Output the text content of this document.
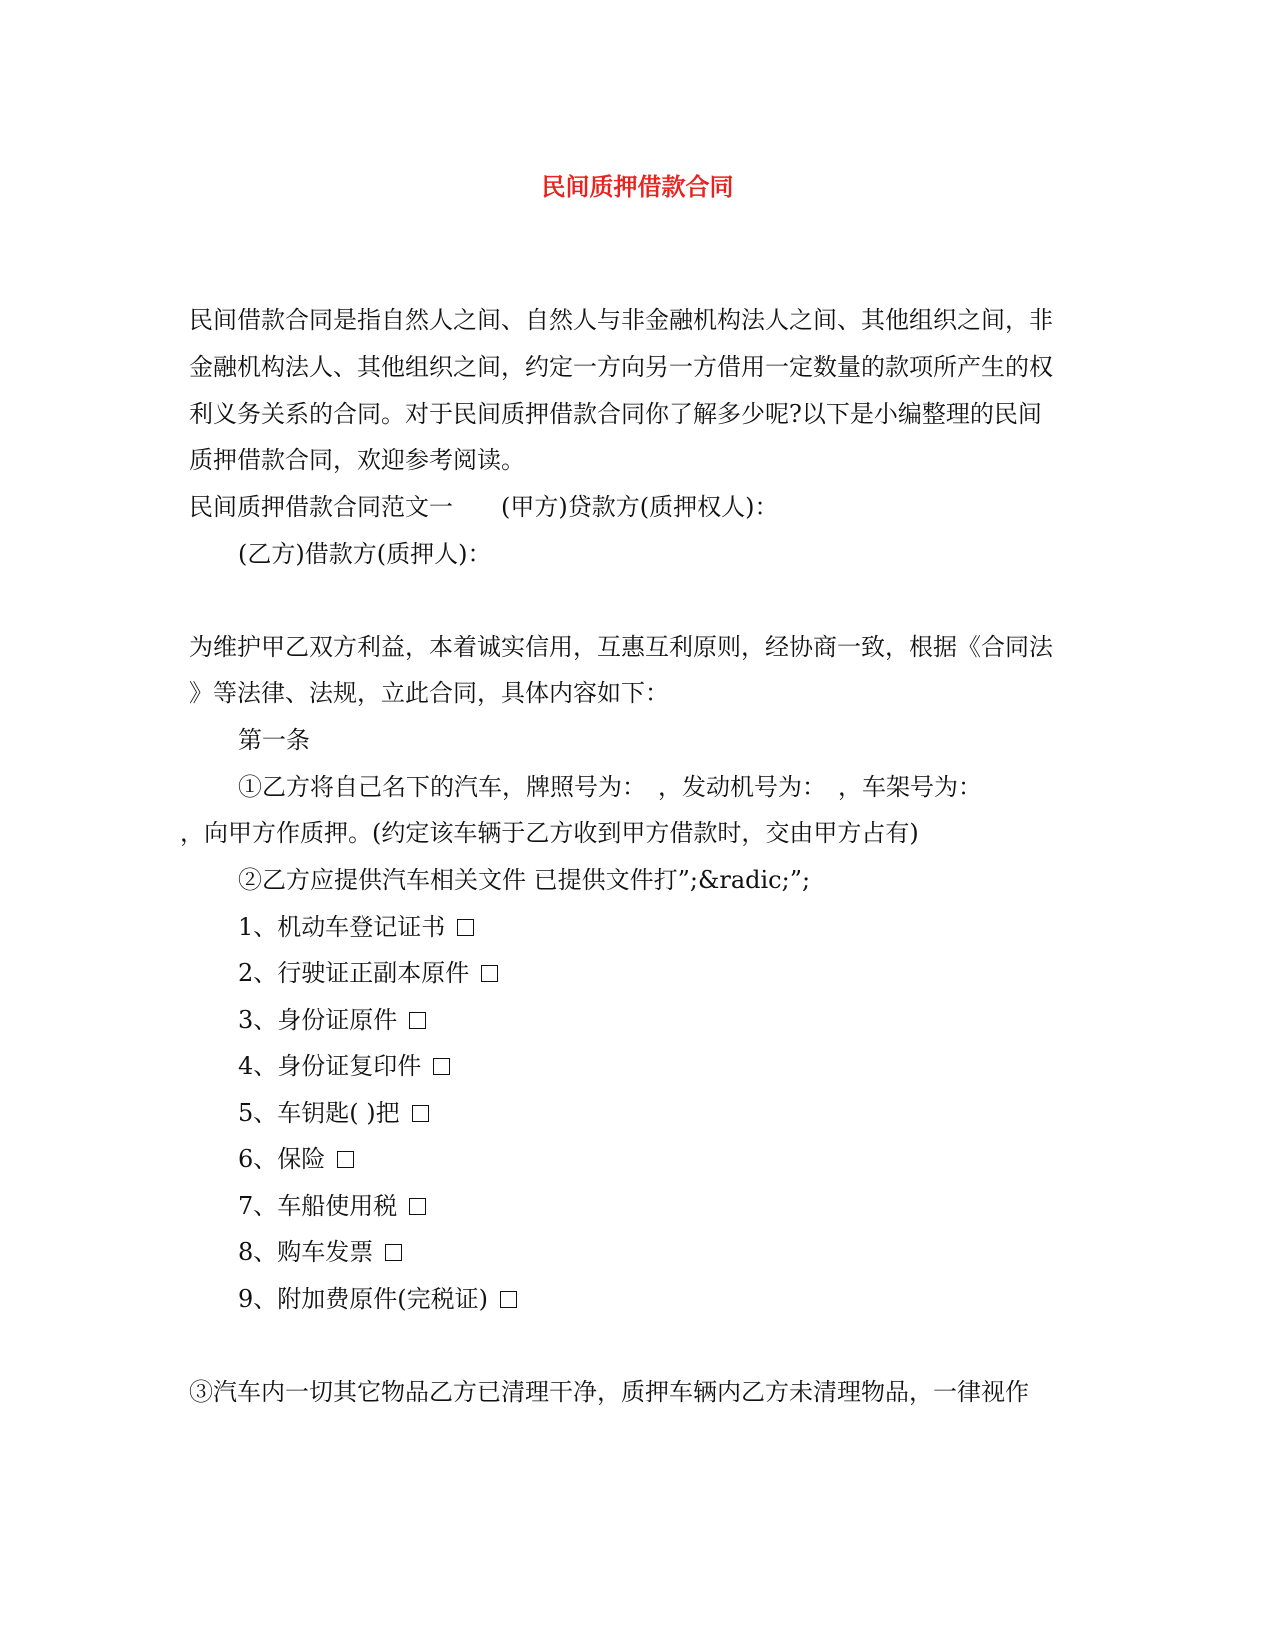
民间质押借款合同
民间借款合同是指自然人之间、自然人与非金融机构法人之间、其他组织之间，非
金融机构法人、其他组织之间，约定一方向另一方借用一定数量的款项所产生的权
利义务关系的合同。对于民间质押借款合同你了解多少呢?以下是小编整理的民间
质押借款合同，欢迎参考阅读。
民间质押借款合同范文一 (甲方)贷款方(质押权人)：
(乙方)借款方(质押人)：
为维护甲乙双方利益，本着诚实信用，互惠互利原则，经协商一致，根据《合同法
》等法律、法规，立此合同，具体内容如下：
第一条
①乙方将自己名下的汽车，牌照号为：　，发动机号为：　，车架号为：
，向甲方作质押。(约定该车辆于乙方收到甲方借款时，交由甲方占有)
②乙方应提供汽车相关文件 已提供文件打”;&radic;”;
1、机动车登记证书
2、行驶证正副本原件
3、身份证原件
4、身份证复印件
5、车钥匙( )把
6、保险
7、车船使用税
8、购车发票
9、附加费原件(完税证)
③汽车内一切其它物品乙方已清理干净，质押车辆内乙方未清理物品，一律视作
